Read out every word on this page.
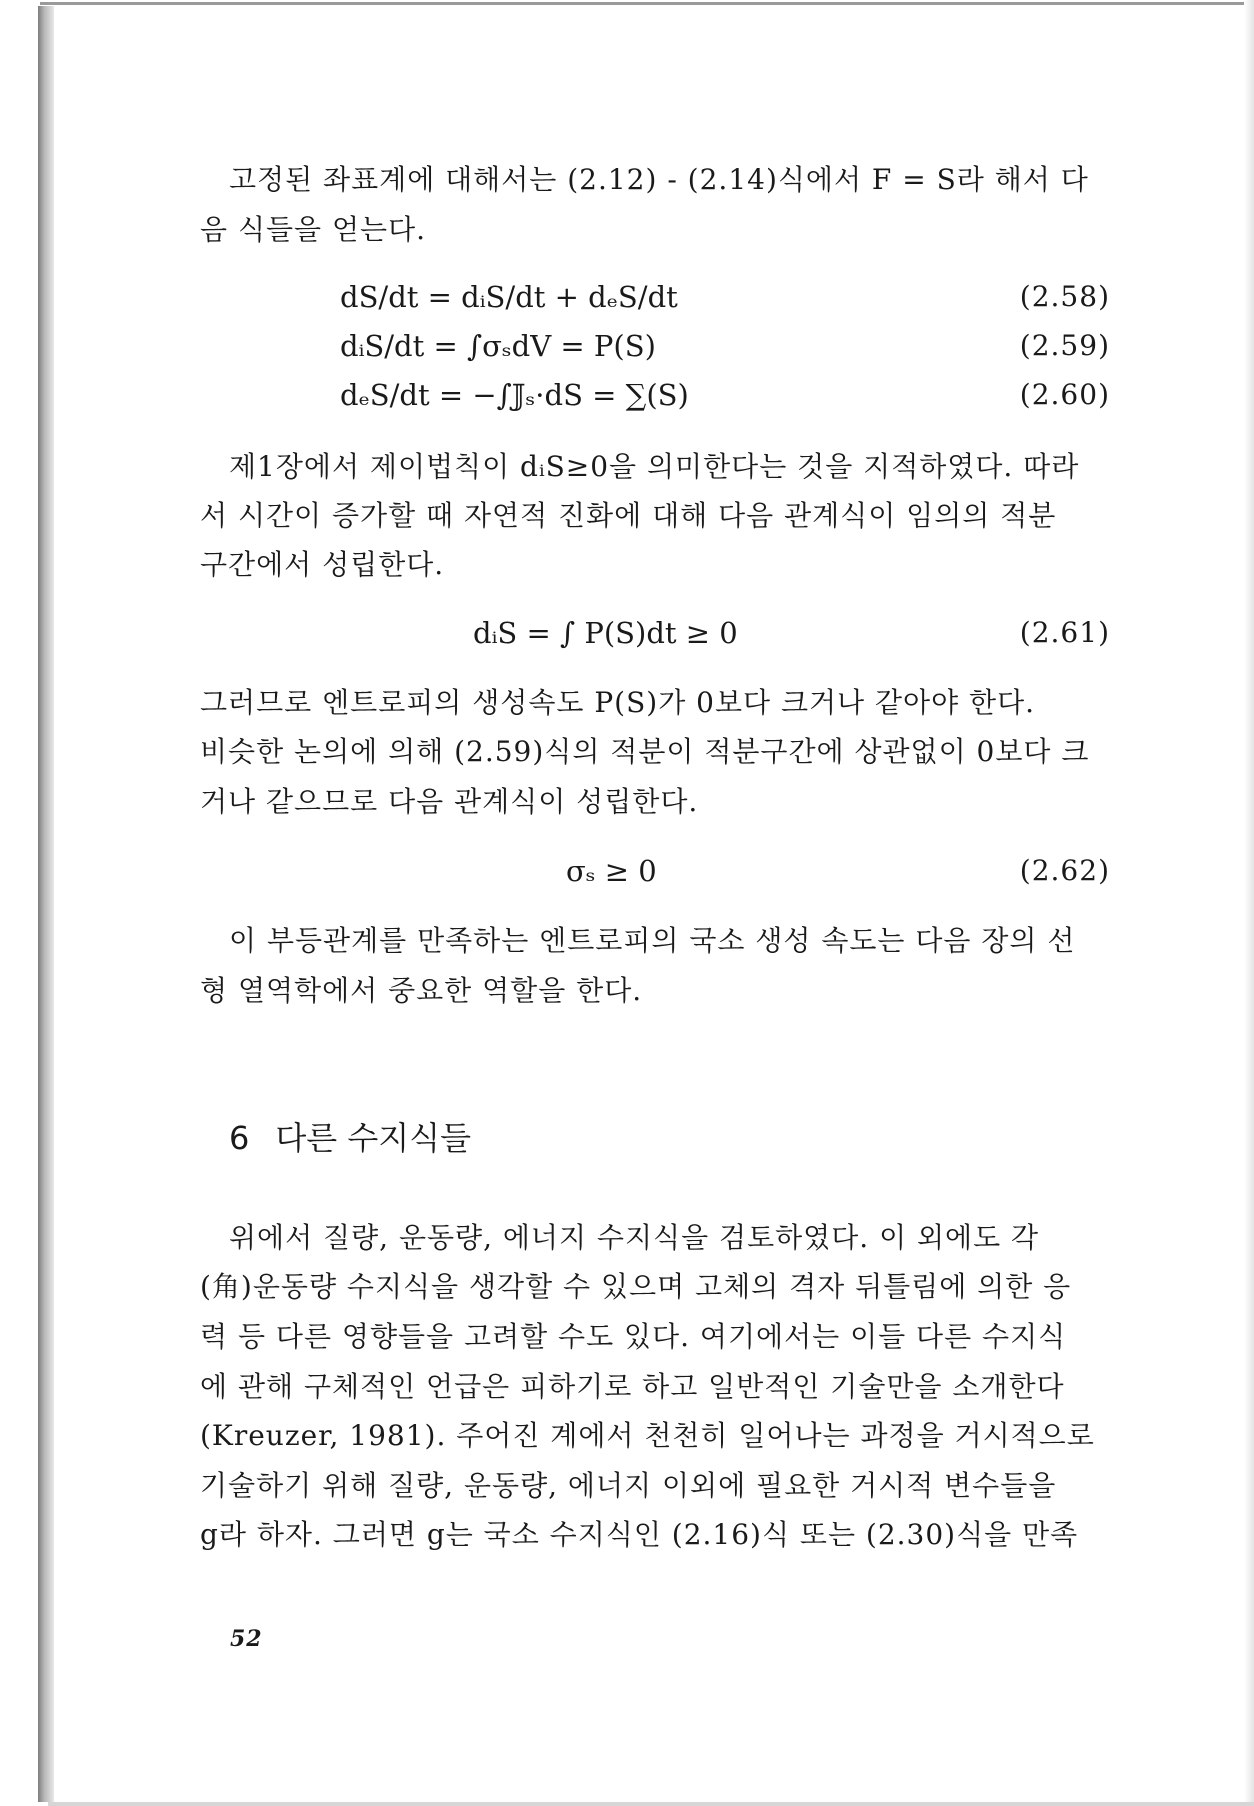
고정된 좌표계에 대해서는 (2.12) - (2.14)식에서 F = S라 해서 다
음 식들을 얻는다.
dS/dt = dᵢS/dt + dₑS/dt	(2.58)
dᵢS/dt = ∫σₛdV = P(S)	(2.59)
dₑS/dt = −∫𝕁ₛ·dS = ∑(S)	(2.60)
제1장에서 제이법칙이 dᵢS≥0을 의미한다는 것을 지적하였다. 따라
서 시간이 증가할 때 자연적 진화에 대해 다음 관계식이 임의의 적분
구간에서 성립한다.
dᵢS = ∫ P(S)dt ≥ 0	(2.61)
그러므로 엔트로피의 생성속도 P(S)가 0보다 크거나 같아야 한다.
비슷한 논의에 의해 (2.59)식의 적분이 적분구간에 상관없이 0보다 크
거나 같으므로 다음 관계식이 성립한다.
σₛ ≥ 0	(2.62)
이 부등관계를 만족하는 엔트로피의 국소 생성 속도는 다음 장의 선
형 열역학에서 중요한 역할을 한다.
6 다른 수지식들
위에서 질량, 운동량, 에너지 수지식을 검토하였다. 이 외에도 각
(角)운동량 수지식을 생각할 수 있으며 고체의 격자 뒤틀림에 의한 응
력 등 다른 영향들을 고려할 수도 있다. 여기에서는 이들 다른 수지식
에 관해 구체적인 언급은 피하기로 하고 일반적인 기술만을 소개한다
(Kreuzer, 1981). 주어진 계에서 천천히 일어나는 과정을 거시적으로
기술하기 위해 질량, 운동량, 에너지 이외에 필요한 거시적 변수들을
g라 하자. 그러면 g는 국소 수지식인 (2.16)식 또는 (2.30)식을 만족
52
